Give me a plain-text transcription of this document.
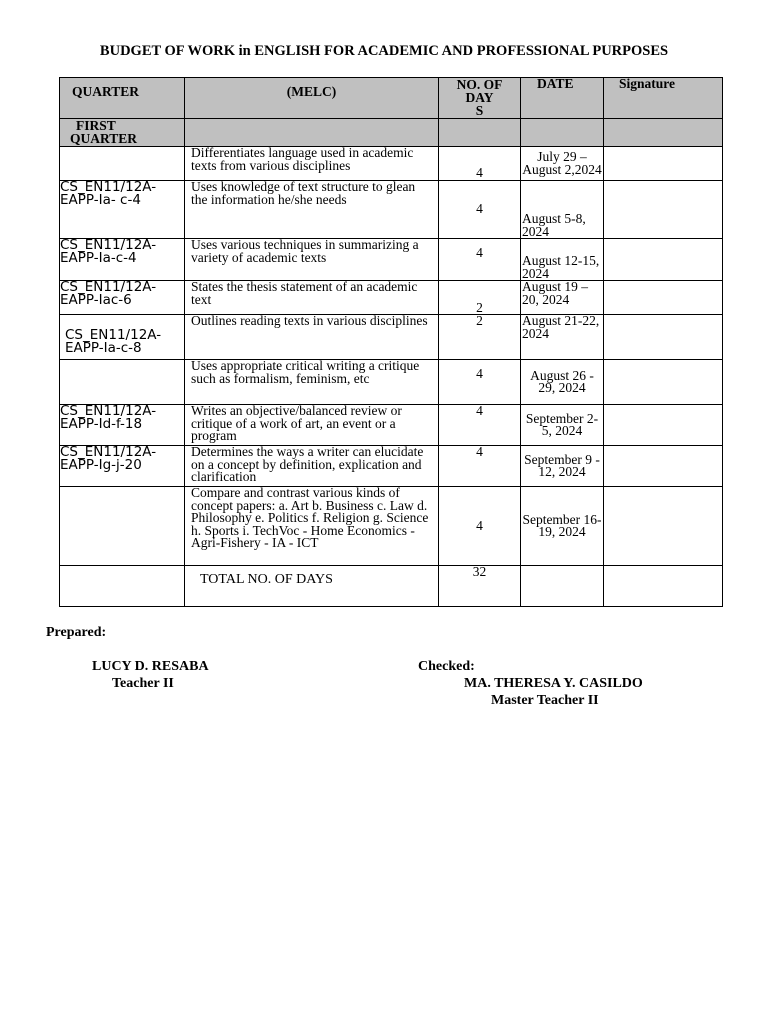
BUDGET OF WORK in ENGLISH FOR ACADEMIC AND PROFESSIONAL PURPOSES
QUARTER	(MELC)	NO. OF
DAY
S	DATE	Signature

FIRST
QUARTER				

	Differentiates language used in academic texts from various disciplines	4	July 29 – August 2,2024	
CS_EN11/12A-EAPP-Ia- c-4	Uses knowledge of text structure to glean the information he/she needs	4	August 5-8, 2024	
CS_EN11/12A-EAPP-Ia-c-4	Uses various techniques in summarizing a variety of academic texts	4	August 12-15, 2024	
CS_EN11/12A-EAPP-Iac-6	States the thesis statement of an academic text	2	August 19 – 20, 2024	
CS_EN11/12A-EAPP-Ia-c-8	Outlines reading texts in various disciplines	2	August 21-22, 2024	
	Uses appropriate critical writing a critique such as formalism, feminism, etc	4	August 26 - 29, 2024	
CS_EN11/12A-EAPP-Id-f-18	Writes an objective/balanced review or critique of a work of art, an event or a program	4	September 2-5, 2024	
CS_EN11/12A-EAPP-Ig-j-20	Determines the ways a writer can elucidate on a concept by definition, explication and clarification	4	September 9 - 12, 2024	
	Compare and contrast various kinds of concept papers: a. Art b. Business c. Law d. Philosophy e. Politics f. Religion g. Science h. Sports i. TechVoc - Home Economics - Agri-Fishery - IA - ICT	4	September 16-19, 2024	
	TOTAL NO. OF DAYS	32		
Prepared:
LUCY D. RESABA
Teacher II
Checked:
MA. THERESA Y. CASILDO
Master Teacher II
